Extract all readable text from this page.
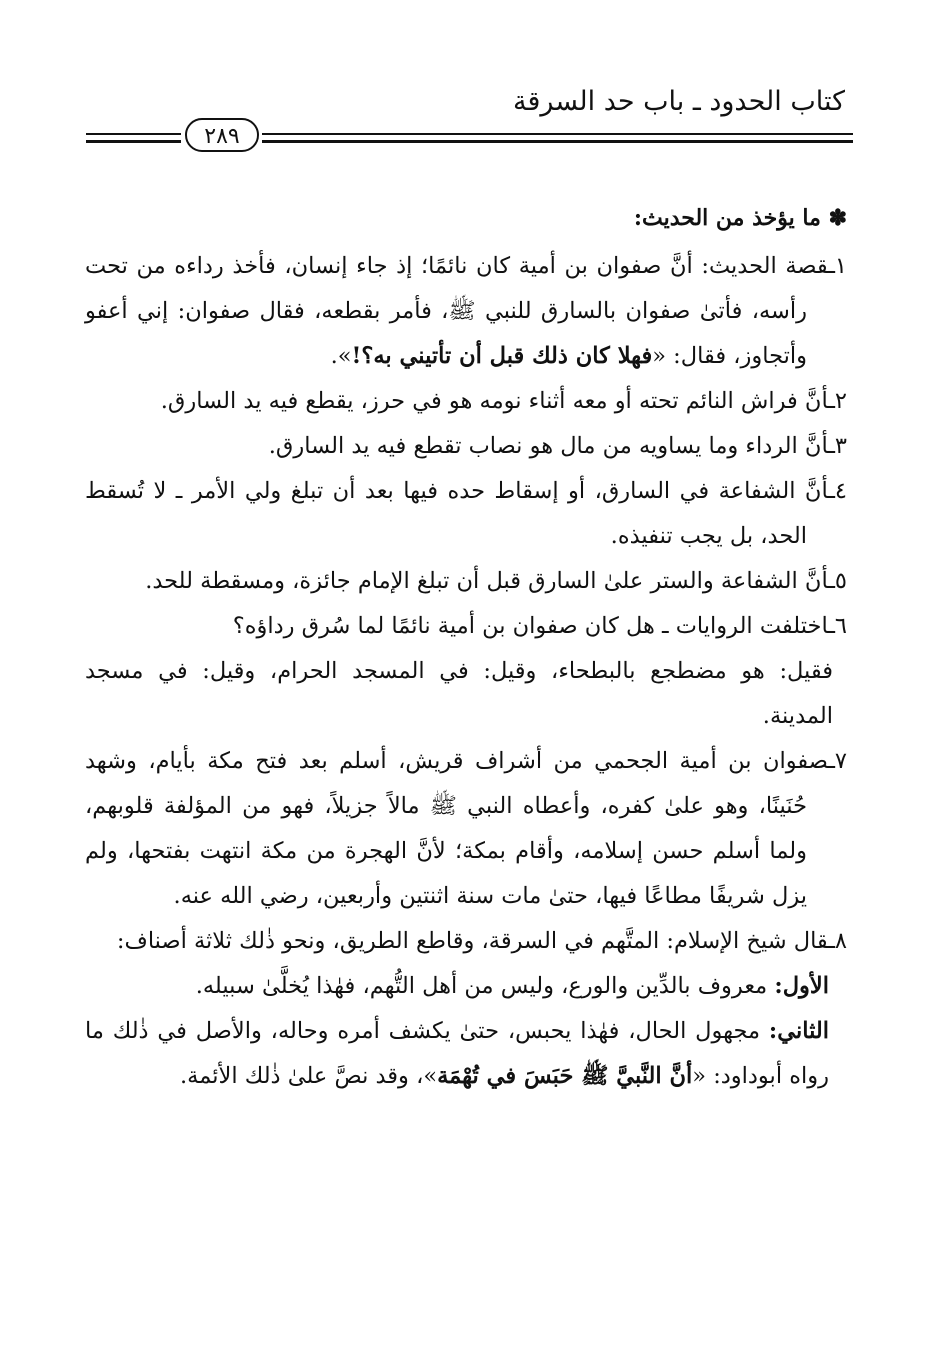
كتاب الحدود ـ باب حد السرقة
٢٨٩

✽ ما يؤخذ من الحديث:

١ـقصة الحديث: أنَّ صفوان بن أمية كان نائمًا؛ إذ جاء إنسان، فأخذ رداءه من تحت رأسه، فأتىٰ صفوان بالسارق للنبي ﷺ، فأمر بقطعه، فقال صفوان: إني أعفو وأتجاوز، فقال: «فهلا كان ذلك قبل أن تأتيني به؟!».

٢ـأنَّ فراش النائم تحته أو معه أثناء نومه هو في حرز، يقطع فيه يد السارق.

٣ـأنَّ الرداء وما يساويه من مال هو نصاب تقطع فيه يد السارق.

٤ـأنَّ الشفاعة في السارق، أو إسقاط حده فيها بعد أن تبلغ ولي الأمر ـ لا تُسقط الحد، بل يجب تنفيذه.

٥ـأنَّ الشفاعة والستر علىٰ السارق قبل أن تبلغ الإمام جائزة، ومسقطة للحد.

٦ـاختلفت الروايات ـ هل كان صفوان بن أمية نائمًا لما سُرق رداؤه؟

فقيل: هو مضطجع بالبطحاء، وقيل: في المسجد الحرام، وقيل: في مسجد المدينة.

٧ـصفوان بن أمية الجحمي من أشراف قريش، أسلم بعد فتح مكة بأيام، وشهد حُنَينًا، وهو علىٰ كفره، وأعطاه النبي ﷺ مالاً جزيلاً، فهو من المؤلفة قلوبهم، ولما أسلم حسن إسلامه، وأقام بمكة؛ لأنَّ الهجرة من مكة انتهت بفتحها، ولم يزل شريفًا مطاعًا فيها، حتىٰ مات سنة اثنتين وأربعين، رضي الله عنه.

٨ـقال شيخ الإسلام: المتَّهم في السرقة، وقاطع الطريق، ونحو ذٰلك ثلاثة أصناف:

الأول: معروف بالدِّين والورع، وليس من أهل التُّهم، فهٰذا يُخلَّىٰ سبيله.

الثاني: مجهول الحال، فهٰذا يحبس، حتىٰ يكشف أمره وحاله، والأصل في ذٰلك ما رواه أبوداود: «أنَّ النَّبيَّ ﷺ حَبَسَ في تُهْمَة»، وقد نصَّ علىٰ ذٰلك الأئمة.
